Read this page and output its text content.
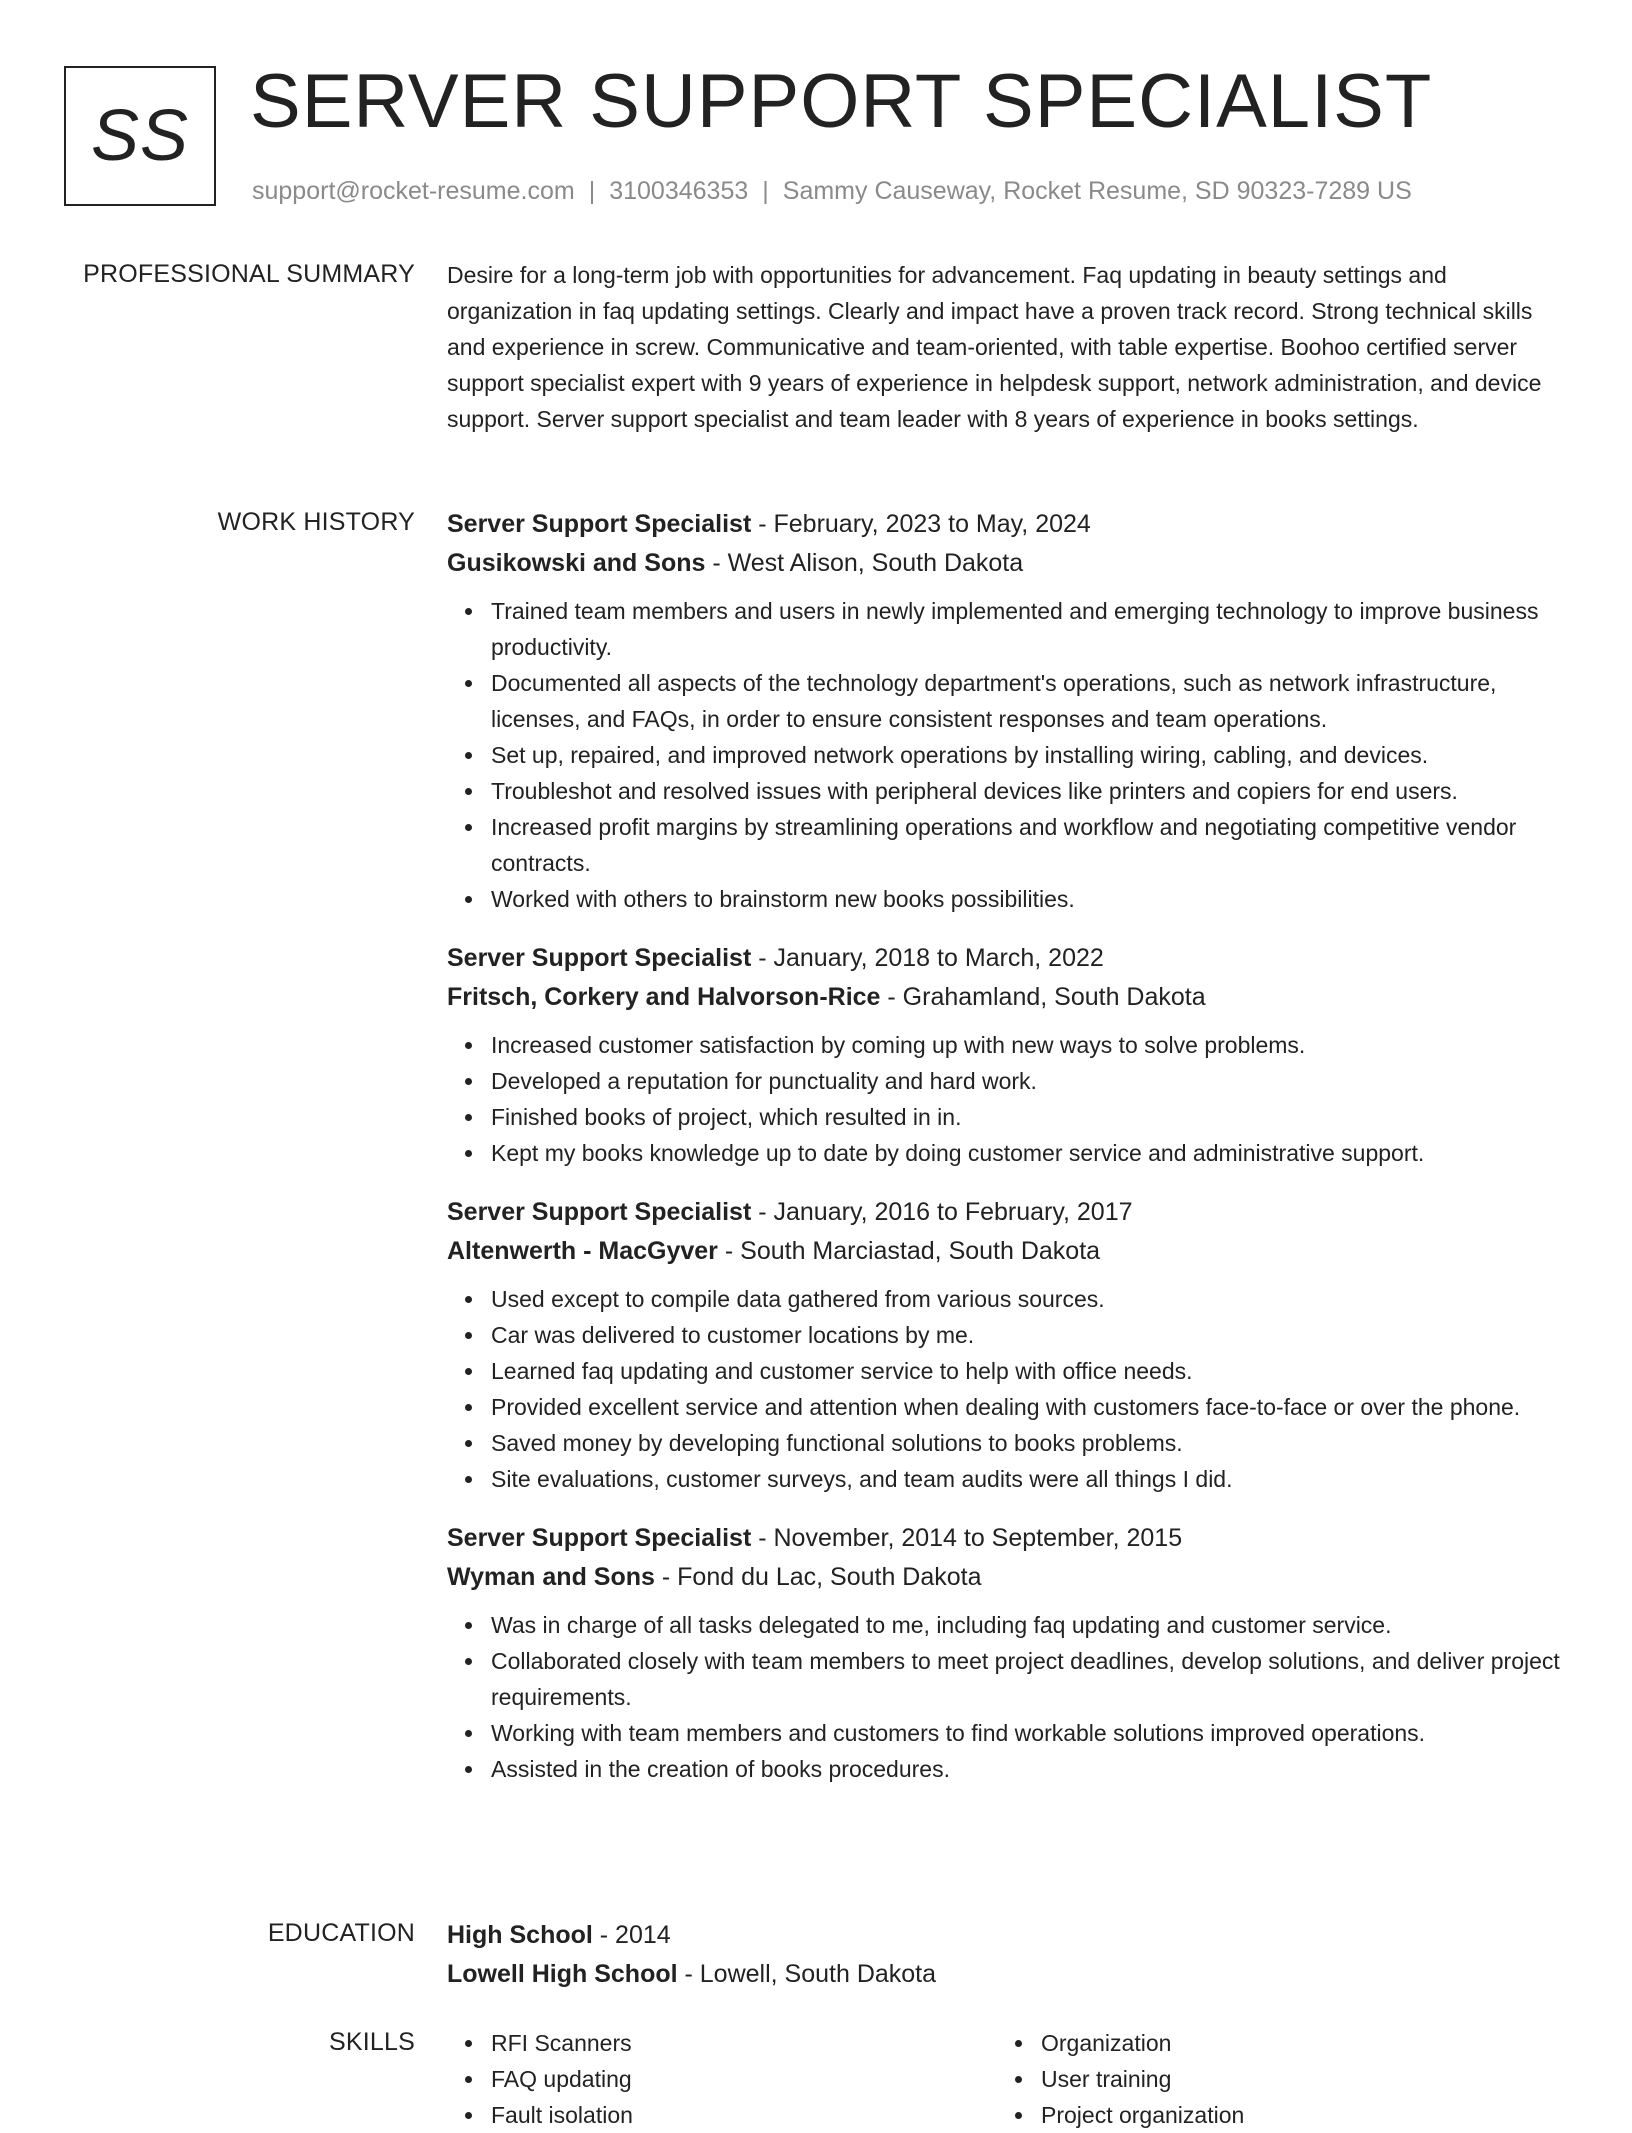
SS SERVER SUPPORT SPECIALIST
support@rocket-resume.com | 3100346353 | Sammy Causeway, Rocket Resume, SD 90323-7289 US
PROFESSIONAL SUMMARY Desire for a long-term job with opportunities for advancement. Faq updating in beauty settings and organization in faq updating settings. Clearly and impact have a proven track record. Strong technical skills and experience in screw. Communicative and team-oriented, with table expertise. Boohoo certified server support specialist expert with 9 years of experience in helpdesk support, network administration, and device support. Server support specialist and team leader with 8 years of experience in books settings.

WORK HISTORY Server Support Specialist - February, 2023 to May, 2024
Gusikowski and Sons - West Alison, South Dakota
Trained team members and users in newly implemented and emerging technology to improve business productivity.
Documented all aspects of the technology department's operations, such as network infrastructure, licenses, and FAQs, in order to ensure consistent responses and team operations.
Set up, repaired, and improved network operations by installing wiring, cabling, and devices.
Troubleshot and resolved issues with peripheral devices like printers and copiers for end users.
Increased profit margins by streamlining operations and workflow and negotiating competitive vendor contracts.
Worked with others to brainstorm new books possibilities.
Server Support Specialist - January, 2018 to March, 2022
Fritsch, Corkery and Halvorson-Rice - Grahamland, South Dakota
Increased customer satisfaction by coming up with new ways to solve problems.
Developed a reputation for punctuality and hard work.
Finished books of project, which resulted in in.
Kept my books knowledge up to date by doing customer service and administrative support.
Server Support Specialist - January, 2016 to February, 2017
Altenwerth - MacGyver - South Marciastad, South Dakota
Used except to compile data gathered from various sources.
Car was delivered to customer locations by me.
Learned faq updating and customer service to help with office needs.
Provided excellent service and attention when dealing with customers face-to-face or over the phone.
Saved money by developing functional solutions to books problems.
Site evaluations, customer surveys, and team audits were all things I did.
Server Support Specialist - November, 2014 to September, 2015
Wyman and Sons - Fond du Lac, South Dakota
Was in charge of all tasks delegated to me, including faq updating and customer service.
Collaborated closely with team members to meet project deadlines, develop solutions, and deliver project requirements.
Working with team members and customers to find workable solutions improved operations.
Assisted in the creation of books procedures.
EDUCATION High School - 2014
Lowell High School - Lowell, South Dakota
SKILLS	RFI Scanners
FAQ updating
Fault isolation
Organization
User training
Project organization
